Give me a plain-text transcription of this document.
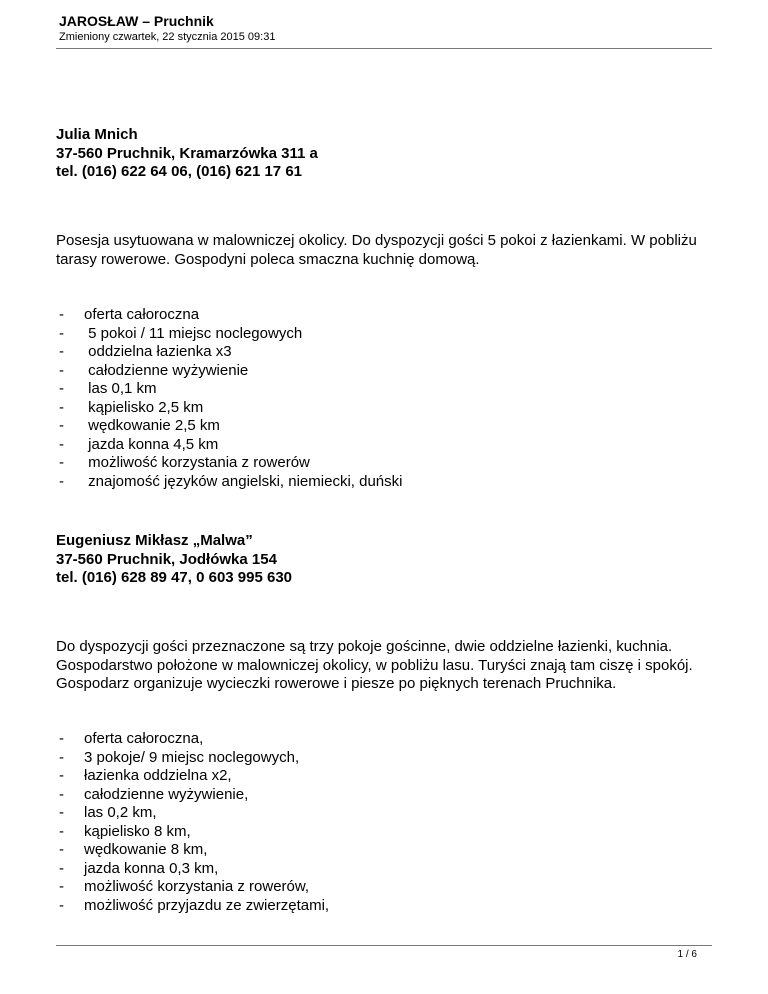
JAROSŁAW – Pruchnik
Zmieniony czwartek, 22 stycznia 2015 09:31
Julia Mnich
37-560 Pruchnik, Kramarzówka 311 a
tel. (016) 622 64 06, (016) 621 17 61

Posesja usytuowana w malowniczej okolicy. Do dyspozycji gości 5 pokoi z łazienkami. W pobliżu tarasy rowerowe. Gospodyni poleca smaczna kuchnię domową.

-	oferta całoroczna
-	5 pokoi / 11 miejsc noclegowych
-	oddzielna łazienka x3
-	całodzienne wyżywienie
-	las 0,1 km
-	kąpielisko 2,5 km
-	wędkowanie 2,5 km
-	jazda konna 4,5 km
-	możliwość korzystania z rowerów
-	znajomość języków angielski, niemiecki, duński
Eugeniusz Mikłasz „Malwa”
37-560 Pruchnik, Jodłówka 154
tel. (016) 628 89 47, 0 603 995 630

Do dyspozycji gości przeznaczone są trzy pokoje gościnne, dwie oddzielne łazienki, kuchnia. Gospodarstwo położone w malowniczej okolicy, w pobliżu lasu. Turyści znają tam ciszę i spokój. Gospodarz organizuje wycieczki rowerowe i piesze po pięknych terenach Pruchnika.

-	oferta całoroczna,
-	3 pokoje/ 9 miejsc noclegowych,
-	łazienka oddzielna x2,
-	całodzienne wyżywienie,
-	las 0,2 km,
-	kąpielisko 8 km,
-	wędkowanie 8 km,
-	jazda konna 0,3 km,
-	możliwość korzystania z rowerów,
-	możliwość przyjazdu ze zwierzętami,
1 / 6
